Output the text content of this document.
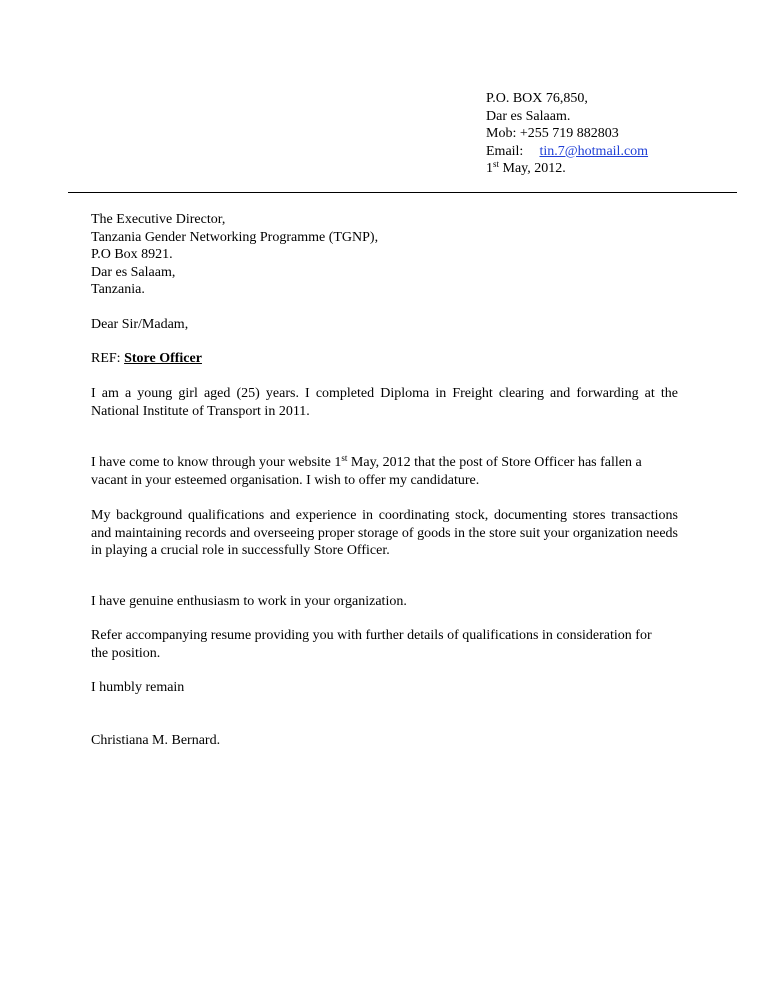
P.O. BOX 76,850,
Dar es Salaam.
Mob: +255 719 882803
Email: tin.7@hotmail.com
1st May, 2012.
The Executive Director,
Tanzania Gender Networking Programme (TGNP),
P.O Box 8921.
Dar es Salaam,
Tanzania.
Dear Sir/Madam,
REF: Store Officer
I am a young girl aged (25) years. I completed Diploma in Freight clearing and forwarding at the National Institute of Transport in 2011.
I have come to know through your website 1st May, 2012 that the post of Store Officer has fallen a vacant in your esteemed organisation. I wish to offer my candidature.
My background qualifications and experience in coordinating stock, documenting stores transactions and maintaining records and overseeing proper storage of goods in the store suit your organization needs in playing a crucial role in successfully Store Officer.
I have genuine enthusiasm to work in your organization.
Refer accompanying resume providing you with further details of qualifications in consideration for the position.
I humbly remain
Christiana M. Bernard.
